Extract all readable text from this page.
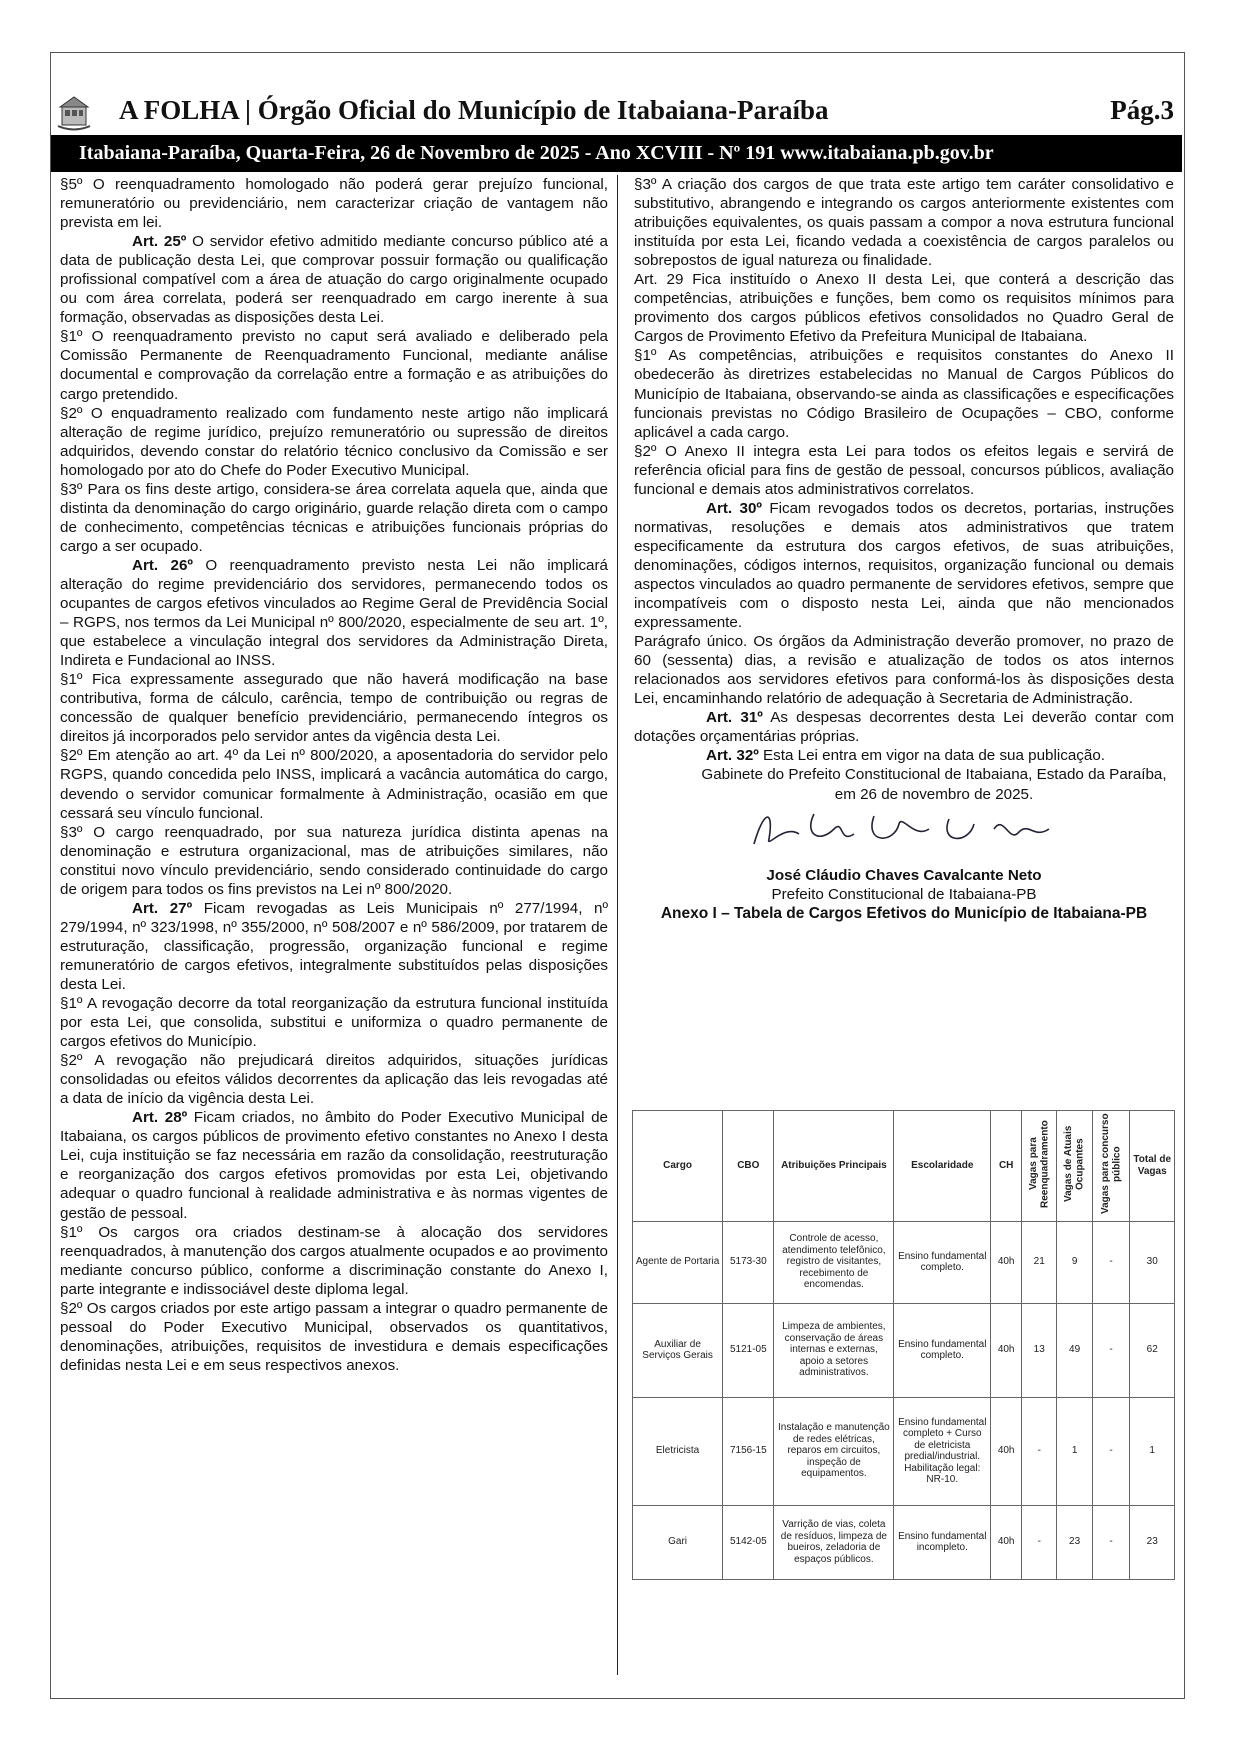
A FOLHA | Órgão Oficial do Município de Itabaiana-Paraíba	Pág.3
Itabaiana-Paraíba, Quarta-Feira, 26 de Novembro de 2025 - Ano XCVIII - Nº 191 www.itabaiana.pb.gov.br

§5º O reenquadramento homologado não poderá gerar prejuízo funcional, remuneratório ou previdenciário, nem caracterizar criação de vantagem não prevista em lei.

Art. 25º O servidor efetivo admitido mediante concurso público até a data de publicação desta Lei, que comprovar possuir formação ou qualificação profissional compatível com a área de atuação do cargo originalmente ocupado ou com área correlata, poderá ser reenquadrado em cargo inerente à sua formação, observadas as disposições desta Lei.

§1º O reenquadramento previsto no caput será avaliado e deliberado pela Comissão Permanente de Reenquadramento Funcional, mediante análise documental e comprovação da correlação entre a formação e as atribuições do cargo pretendido.

§2º O enquadramento realizado com fundamento neste artigo não implicará alteração de regime jurídico, prejuízo remuneratório ou supressão de direitos adquiridos, devendo constar do relatório técnico conclusivo da Comissão e ser homologado por ato do Chefe do Poder Executivo Municipal.

§3º Para os fins deste artigo, considera-se área correlata aquela que, ainda que distinta da denominação do cargo originário, guarde relação direta com o campo de conhecimento, competências técnicas e atribuições funcionais próprias do cargo a ser ocupado.

Art. 26º O reenquadramento previsto nesta Lei não implicará alteração do regime previdenciário dos servidores, permanecendo todos os ocupantes de cargos efetivos vinculados ao Regime Geral de Previdência Social – RGPS, nos termos da Lei Municipal nº 800/2020, especialmente de seu art. 1º, que estabelece a vinculação integral dos servidores da Administração Direta, Indireta e Fundacional ao INSS.

§1º Fica expressamente assegurado que não haverá modificação na base contributiva, forma de cálculo, carência, tempo de contribuição ou regras de concessão de qualquer benefício previdenciário, permanecendo íntegros os direitos já incorporados pelo servidor antes da vigência desta Lei.

§2º Em atenção ao art. 4º da Lei nº 800/2020, a aposentadoria do servidor pelo RGPS, quando concedida pelo INSS, implicará a vacância automática do cargo, devendo o servidor comunicar formalmente à Administração, ocasião em que cessará seu vínculo funcional.

§3º O cargo reenquadrado, por sua natureza jurídica distinta apenas na denominação e estrutura organizacional, mas de atribuições similares, não constitui novo vínculo previdenciário, sendo considerado continuidade do cargo de origem para todos os fins previstos na Lei nº 800/2020.

Art. 27º Ficam revogadas as Leis Municipais nº 277/1994, nº 279/1994, nº 323/1998, nº 355/2000, nº 508/2007 e nº 586/2009, por tratarem de estruturação, classificação, progressão, organização funcional e regime remuneratório de cargos efetivos, integralmente substituídos pelas disposições desta Lei.

§1º A revogação decorre da total reorganização da estrutura funcional instituída por esta Lei, que consolida, substitui e uniformiza o quadro permanente de cargos efetivos do Município.

§2º A revogação não prejudicará direitos adquiridos, situações jurídicas consolidadas ou efeitos válidos decorrentes da aplicação das leis revogadas até a data de início da vigência desta Lei.

Art. 28º Ficam criados, no âmbito do Poder Executivo Municipal de Itabaiana, os cargos públicos de provimento efetivo constantes no Anexo I desta Lei, cuja instituição se faz necessária em razão da consolidação, reestruturação e reorganização dos cargos efetivos promovidas por esta Lei, objetivando adequar o quadro funcional à realidade administrativa e às normas vigentes de gestão de pessoal.

§1º Os cargos ora criados destinam-se à alocação dos servidores reenquadrados, à manutenção dos cargos atualmente ocupados e ao provimento mediante concurso público, conforme a discriminação constante do Anexo I, parte integrante e indissociável deste diploma legal.

§2º Os cargos criados por este artigo passam a integrar o quadro permanente de pessoal do Poder Executivo Municipal, observados os quantitativos, denominações, atribuições, requisitos de investidura e demais especificações definidas nesta Lei e em seus respectivos anexos.

§3º A criação dos cargos de que trata este artigo tem caráter consolidativo e substitutivo, abrangendo e integrando os cargos anteriormente existentes com atribuições equivalentes, os quais passam a compor a nova estrutura funcional instituída por esta Lei, ficando vedada a coexistência de cargos paralelos ou sobrepostos de igual natureza ou finalidade.

Art. 29 Fica instituído o Anexo II desta Lei, que conterá a descrição das competências, atribuições e funções, bem como os requisitos mínimos para provimento dos cargos públicos efetivos consolidados no Quadro Geral de Cargos de Provimento Efetivo da Prefeitura Municipal de Itabaiana.

§1º As competências, atribuições e requisitos constantes do Anexo II obedecerão às diretrizes estabelecidas no Manual de Cargos Públicos do Município de Itabaiana, observando-se ainda as classificações e especificações funcionais previstas no Código Brasileiro de Ocupações – CBO, conforme aplicável a cada cargo.

§2º O Anexo II integra esta Lei para todos os efeitos legais e servirá de referência oficial para fins de gestão de pessoal, concursos públicos, avaliação funcional e demais atos administrativos correlatos.

Art. 30º Ficam revogados todos os decretos, portarias, instruções normativas, resoluções e demais atos administrativos que tratem especificamente da estrutura dos cargos efetivos, de suas atribuições, denominações, códigos internos, requisitos, organização funcional ou demais aspectos vinculados ao quadro permanente de servidores efetivos, sempre que incompatíveis com o disposto nesta Lei, ainda que não mencionados expressamente.

Parágrafo único. Os órgãos da Administração deverão promover, no prazo de 60 (sessenta) dias, a revisão e atualização de todos os atos internos relacionados aos servidores efetivos para conformá-los às disposições desta Lei, encaminhando relatório de adequação à Secretaria de Administração.

Art. 31º As despesas decorrentes desta Lei deverão contar com dotações orçamentárias próprias.

Art. 32º Esta Lei entra em vigor na data de sua publicação.

Gabinete do Prefeito Constitucional de Itabaiana, Estado da Paraíba, em 26 de novembro de 2025.

José Cláudio Chaves Cavalcante Neto

Prefeito Constitucional de Itabaiana-PB

Anexo I – Tabela de Cargos Efetivos do Município de Itabaiana-PB

Cargo	CBO	Atribuições Principais	Escolaridade	CH	Vagas para Reenquadramento	Vagas de Atuais Ocupantes	Vagas para concurso público	Total de Vagas
Agente de Portaria	5173-30	Controle de acesso, atendimento telefônico, registro de visitantes, recebimento de encomendas.	Ensino fundamental completo.	40h	21	9	-	30
Auxiliar de Serviços Gerais	5121-05	Limpeza de ambientes, conservação de áreas internas e externas, apoio a setores administrativos.	Ensino fundamental completo.	40h	13	49	-	62
Eletricista	7156-15	Instalação e manutenção de redes elétricas, reparos em circuitos, inspeção de equipamentos.	Ensino fundamental completo + Curso de eletricista predial/industrial. Habilitação legal: NR-10.	40h	-	1	-	1
Gari	5142-05	Varrição de vias, coleta de resíduos, limpeza de bueiros, zeladoria de espaços públicos.	Ensino fundamental incompleto.	40h	-	23	-	23
